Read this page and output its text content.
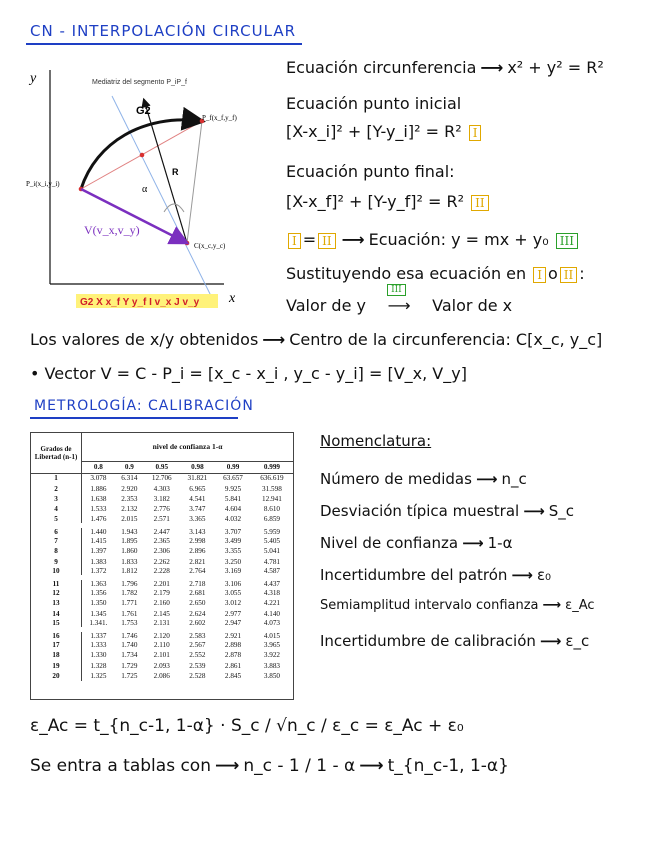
CN - INTERPOLACIÓN CIRCULAR
y
x
Mediatriz del segmento P_iP_f
R
G2
α
V(v_x,v_y)
P_f(x_f,y_f)
P_i(x_i,y_i)
C(x_c,y_c)
G2 X x_f Y y_f I v_x J v_y
Ecuación circunferencia ⟶ x² + y² = R²
Ecuación punto inicial
[X-x_i]² + [Y-y_i]² = R² I
Ecuación punto final:
[X-x_f]² + [Y-y_f]² = R² II
I = II ⟶ Ecuación: y = mx + y₀ III
Sustituyendo esa ecuación en I o II :
Valor de y
III
⟶ Valor de x
Los valores de x/y obtenidos ⟶ Centro de la circunferencia: C[x_c, y_c]
• Vector V = C - P_i = [x_c - x_i , y_c - y_i] = [V_x, V_y]
METROLOGÍA: CALIBRACIÓN
Grados de Libertad (n-1)	nivel de confianza 1-α					
	0.8	0.9	0.95	0.98	0.99	0.999
1	3.078	6.314	12.706	31.821	63.657	636.619
2	1.886	2.920	4.303	6.965	9.925	31.598
3	1.638	2.353	3.182	4.541	5.841	12.941
4	1.533	2.132	2.776	3.747	4.604	8.610
5	1.476	2.015	2.571	3.365	4.032	6.859
6	1.440	1.943	2.447	3.143	3.707	5.959
7	1.415	1.895	2.365	2.998	3.499	5.405
8	1.397	1.860	2.306	2.896	3.355	5.041
9	1.383	1.833	2.262	2.821	3.250	4.781
10	1.372	1.812	2.228	2.764	3.169	4.587
11	1.363	1.796	2.201	2.718	3.106	4.437
12	1.356	1.782	2.179	2.681	3.055	4.318
13	1.350	1.771	2.160	2.650	3.012	4.221
14	1.345	1.761	2.145	2.624	2.977	4.140
15	1.341.	1.753	2.131	2.602	2.947	4.073
16	1.337	1.746	2.120	2.583	2.921	4.015
17	1.333	1.740	2.110	2.567	2.898	3.965
18	1.330	1.734	2.101	2.552	2.878	3.922
19	1.328	1.729	2.093	2.539	2.861	3.883
20	1.325	1.725	2.086	2.528	2.845	3.850
Nomenclatura:
Número de medidas ⟶ n_c
Desviación típica muestral ⟶ S_c
Nivel de confianza ⟶ 1-α
Incertidumbre del patrón ⟶ ε₀
Semiamplitud intervalo confianza ⟶ ε_Ac
Incertidumbre de calibración ⟶ ε_c
ε_Ac = t_{n_c-1, 1-α} · S_c / √n_c / ε_c = ε_Ac + ε₀
Se entra a tablas con ⟶ n_c - 1 / 1 - α ⟶ t_{n_c-1, 1-α}
